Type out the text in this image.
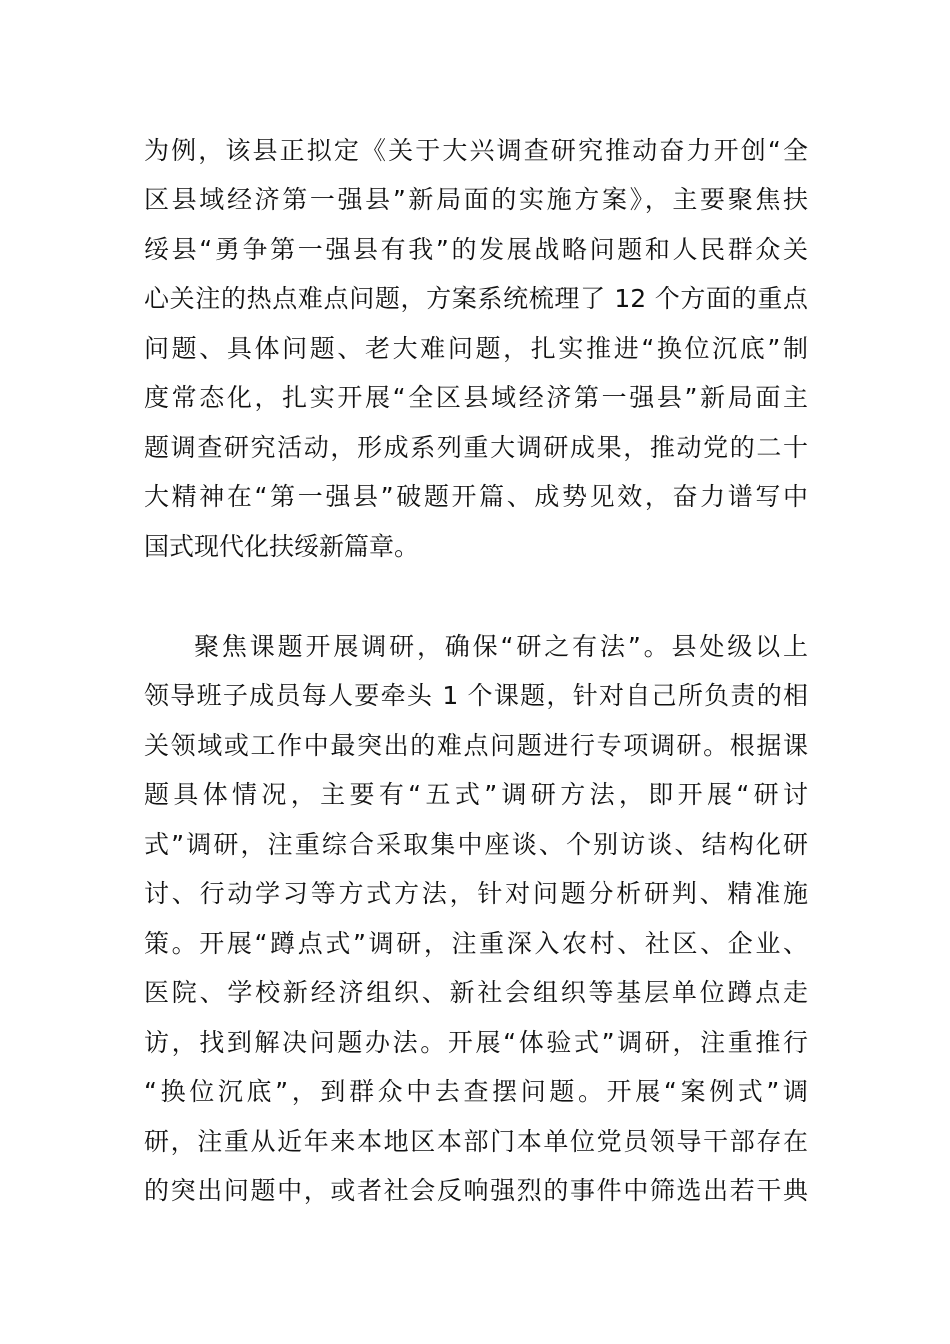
为例，该县正拟定《关于大兴调查研究推动奋力开创“全
区县域经济第一强县”新局面的实施方案》，主要聚焦扶
绥县“勇争第一强县有我”的发展战略问题和人民群众关
心关注的热点难点问题，方案系统梳理了 12 个方面的重点
问题、具体问题、老大难问题，扎实推进“换位沉底”制
度常态化，扎实开展“全区县域经济第一强县”新局面主
题调查研究活动，形成系列重大调研成果，推动党的二十
大精神在“第一强县”破题开篇、成势见效，奋力谱写中
国式现代化扶绥新篇章。
聚焦课题开展调研，确保“研之有法”。县处级以上
领导班子成员每人要牵头 1 个课题，针对自己所负责的相
关领域或工作中最突出的难点问题进行专项调研。根据课
题具体情况，主要有“五式”调研方法，即开展“研讨
式”调研，注重综合采取集中座谈、个别访谈、结构化研
讨、行动学习等方式方法，针对问题分析研判、精准施
策。开展“蹲点式”调研，注重深入农村、社区、企业、
医院、学校新经济组织、新社会组织等基层单位蹲点走
访，找到解决问题办法。开展“体验式”调研，注重推行
“换位沉底”，到群众中去查摆问题。开展“案例式”调
研，注重从近年来本地区本部门本单位党员领导干部存在
的突出问题中，或者社会反响强烈的事件中筛选出若干典
